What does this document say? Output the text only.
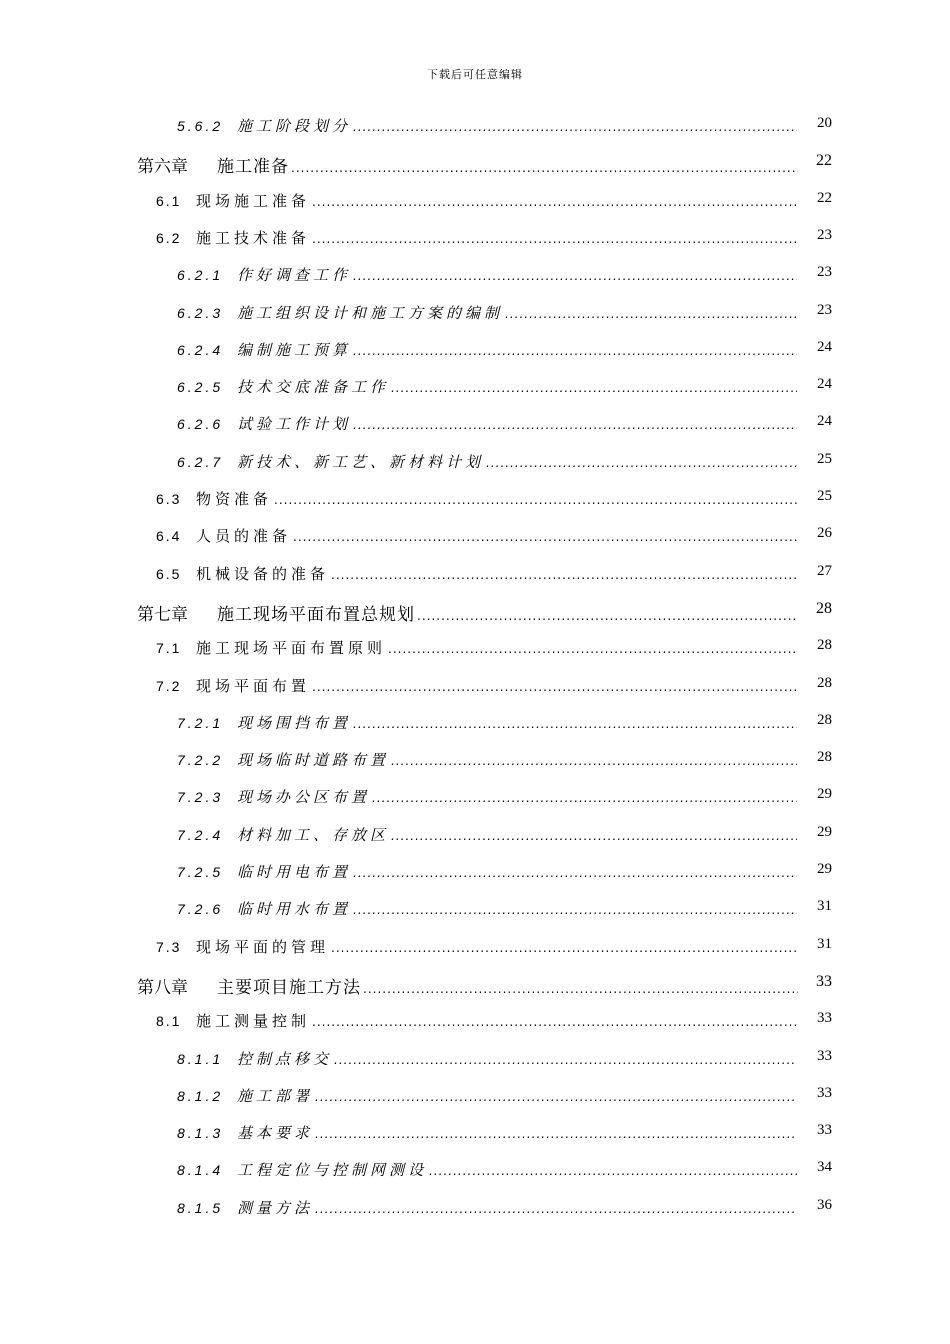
下载后可任意编辑
5.6.2 施工阶段划分 .....	20
第六章	施工准备 .....	22
6.1 现场施工准备 .....	22
6.2 施工技术准备 .....	23
6.2.1 作好调查工作 .....	23
6.2.3 施工组织设计和施工方案的编制 .....	23
6.2.4 编制施工预算 .....	24
6.2.5 技术交底准备工作 .....	24
6.2.6 试验工作计划 .....	24
6.2.7 新技术、新工艺、新材料计划 .....	25
6.3 物资准备 .....	25
6.4 人员的准备 .....	26
6.5 机械设备的准备 .....	27
第七章	施工现场平面布置总规划 .....	28
7.1 施工现场平面布置原则 .....	28
7.2 现场平面布置 .....	28
7.2.1 现场围挡布置 .....	28
7.2.2 现场临时道路布置 .....	28
7.2.3 现场办公区布置 .....	29
7.2.4 材料加工、存放区 .....	29
7.2.5 临时用电布置 .....	29
7.2.6 临时用水布置 .....	31
7.3 现场平面的管理 .....	31
第八章	主要项目施工方法 .....	33
8.1 施工测量控制 .....	33
8.1.1 控制点移交 .....	33
8.1.2 施工部署 .....	33
8.1.3 基本要求 .....	33
8.1.4 工程定位与控制网测设 .....	34
8.1.5 测量方法 .....	36
